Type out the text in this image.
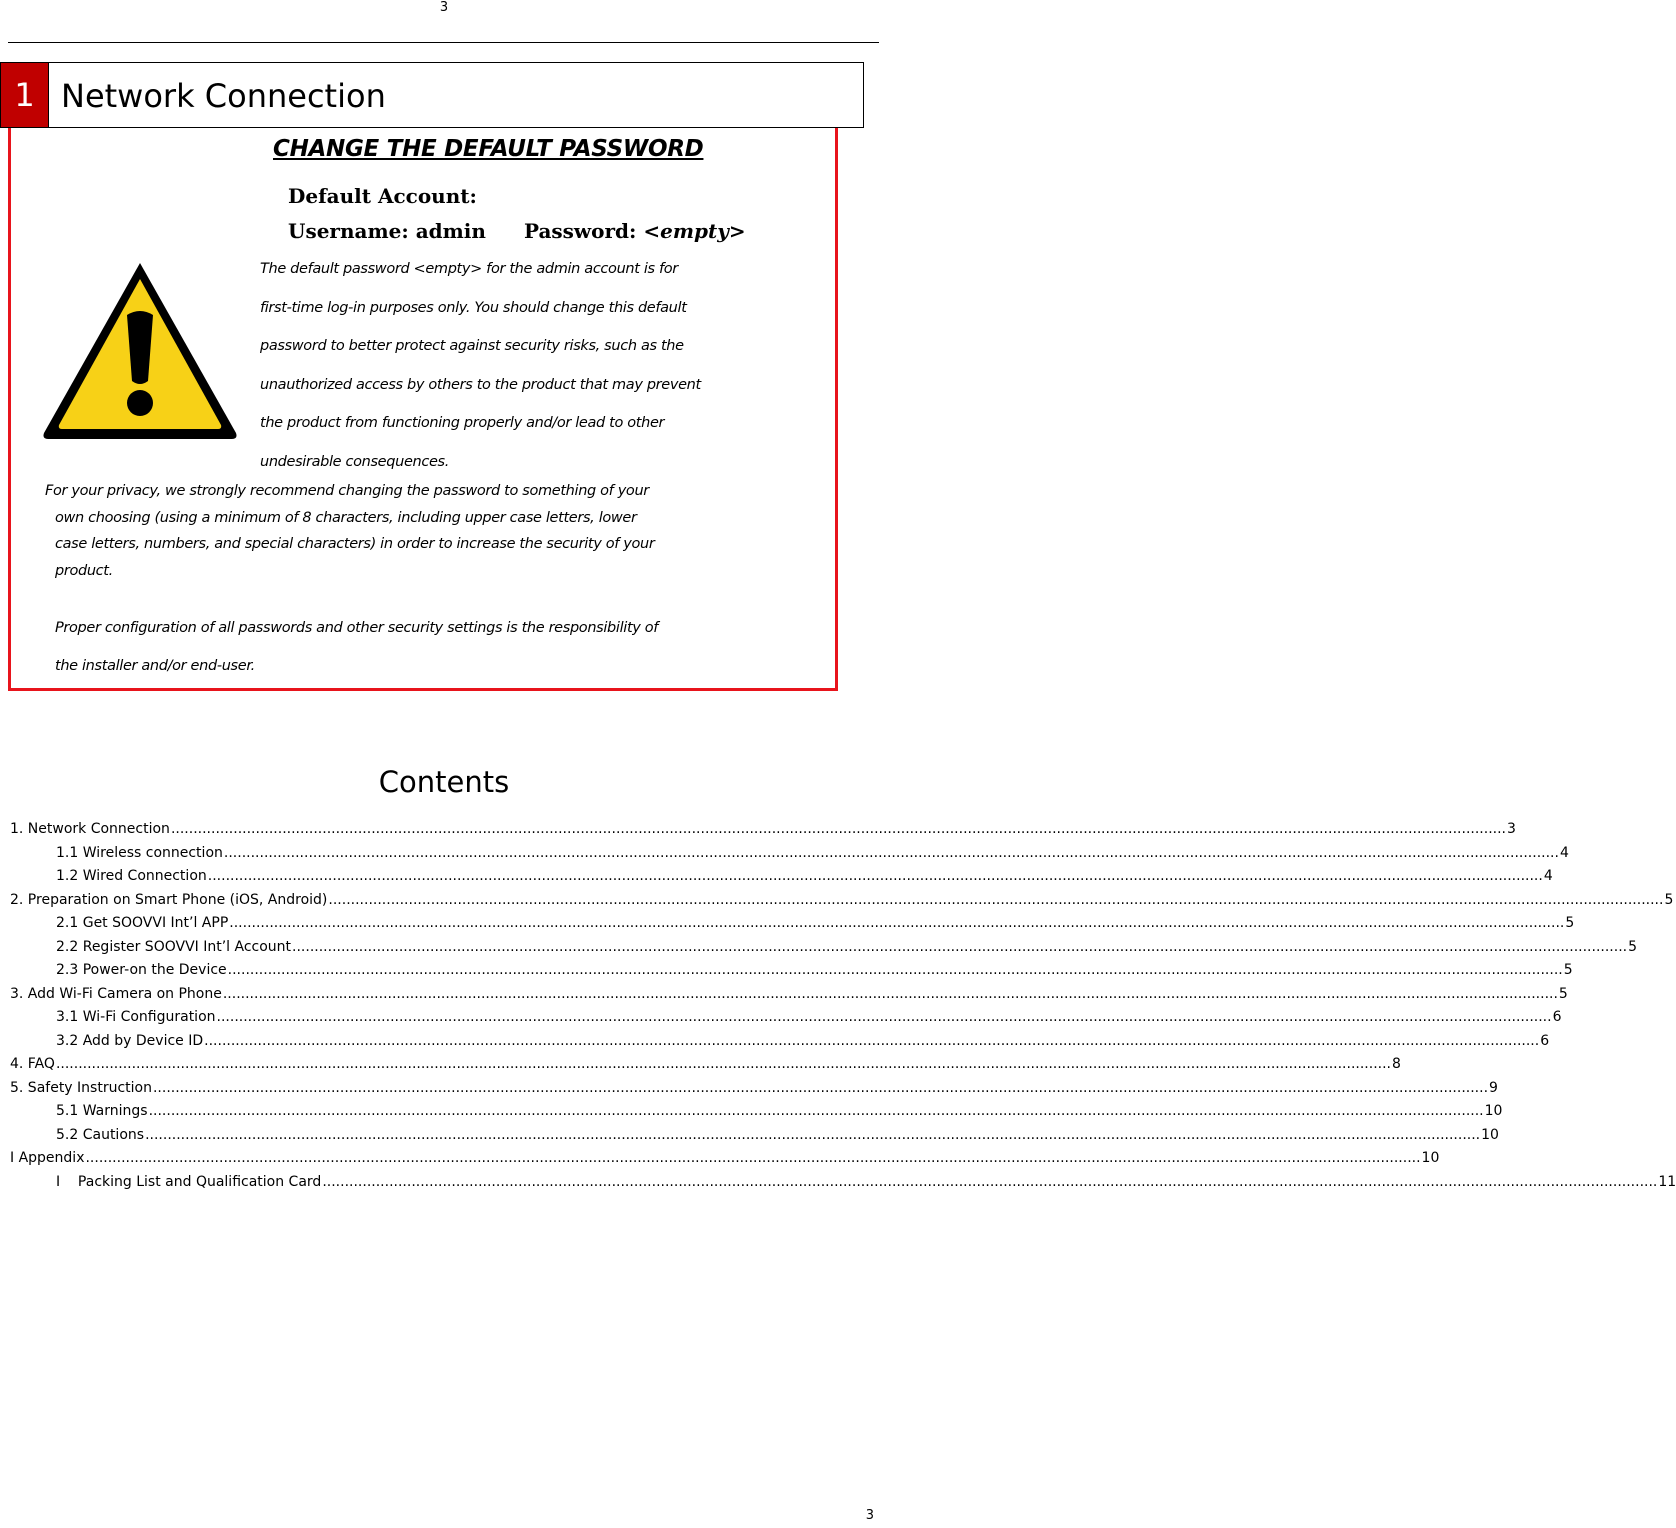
3
1 Network Connection
CHANGE THE DEFAULT PASSWORD
Default Account:
Username: admin Password: <empty>
The default password <empty> for the admin account is for
first-time log-in purposes only. You should change this default
password to better protect against security risks, such as the
unauthorized access by others to the product that may prevent
the product from functioning properly and/or lead to other
undesirable consequences.
For your privacy, we strongly recommend changing the password to something of your
own choosing (using a minimum of 8 characters, including upper case letters, lower
case letters, numbers, and special characters) in order to increase the security of your
product.
Proper configuration of all passwords and other security settings is the responsibility of
the installer and/or end-user.
Contents
1. Network Connection ............................................................................................................................................................................................................................................................................................................ 3
1.1 Wireless connection ............................................................................................................................................................................................................................................................................................................ 4
1.2 Wired Connection ............................................................................................................................................................................................................................................................................................................ 4
2. Preparation on Smart Phone (iOS, Android) ............................................................................................................................................................................................................................................................................................................ 5
2.1 Get SOOVVI Int’l APP ............................................................................................................................................................................................................................................................................................................ 5
2.2 Register SOOVVI Int’l Account ............................................................................................................................................................................................................................................................................................................ 5
2.3 Power-on the Device ............................................................................................................................................................................................................................................................................................................ 5
3. Add Wi-Fi Camera on Phone ............................................................................................................................................................................................................................................................................................................ 5
3.1 Wi-Fi Configuration ............................................................................................................................................................................................................................................................................................................ 6
3.2 Add by Device ID ............................................................................................................................................................................................................................................................................................................ 6
4. FAQ ............................................................................................................................................................................................................................................................................................................ 8
5. Safety Instruction ............................................................................................................................................................................................................................................................................................................ 9
5.1 Warnings ............................................................................................................................................................................................................................................................................................................ 10
5.2 Cautions ............................................................................................................................................................................................................................................................................................................ 10
I Appendix ............................................................................................................................................................................................................................................................................................................ 10
I    Packing List and Qualification Card ............................................................................................................................................................................................................................................................................................................ 11
3
